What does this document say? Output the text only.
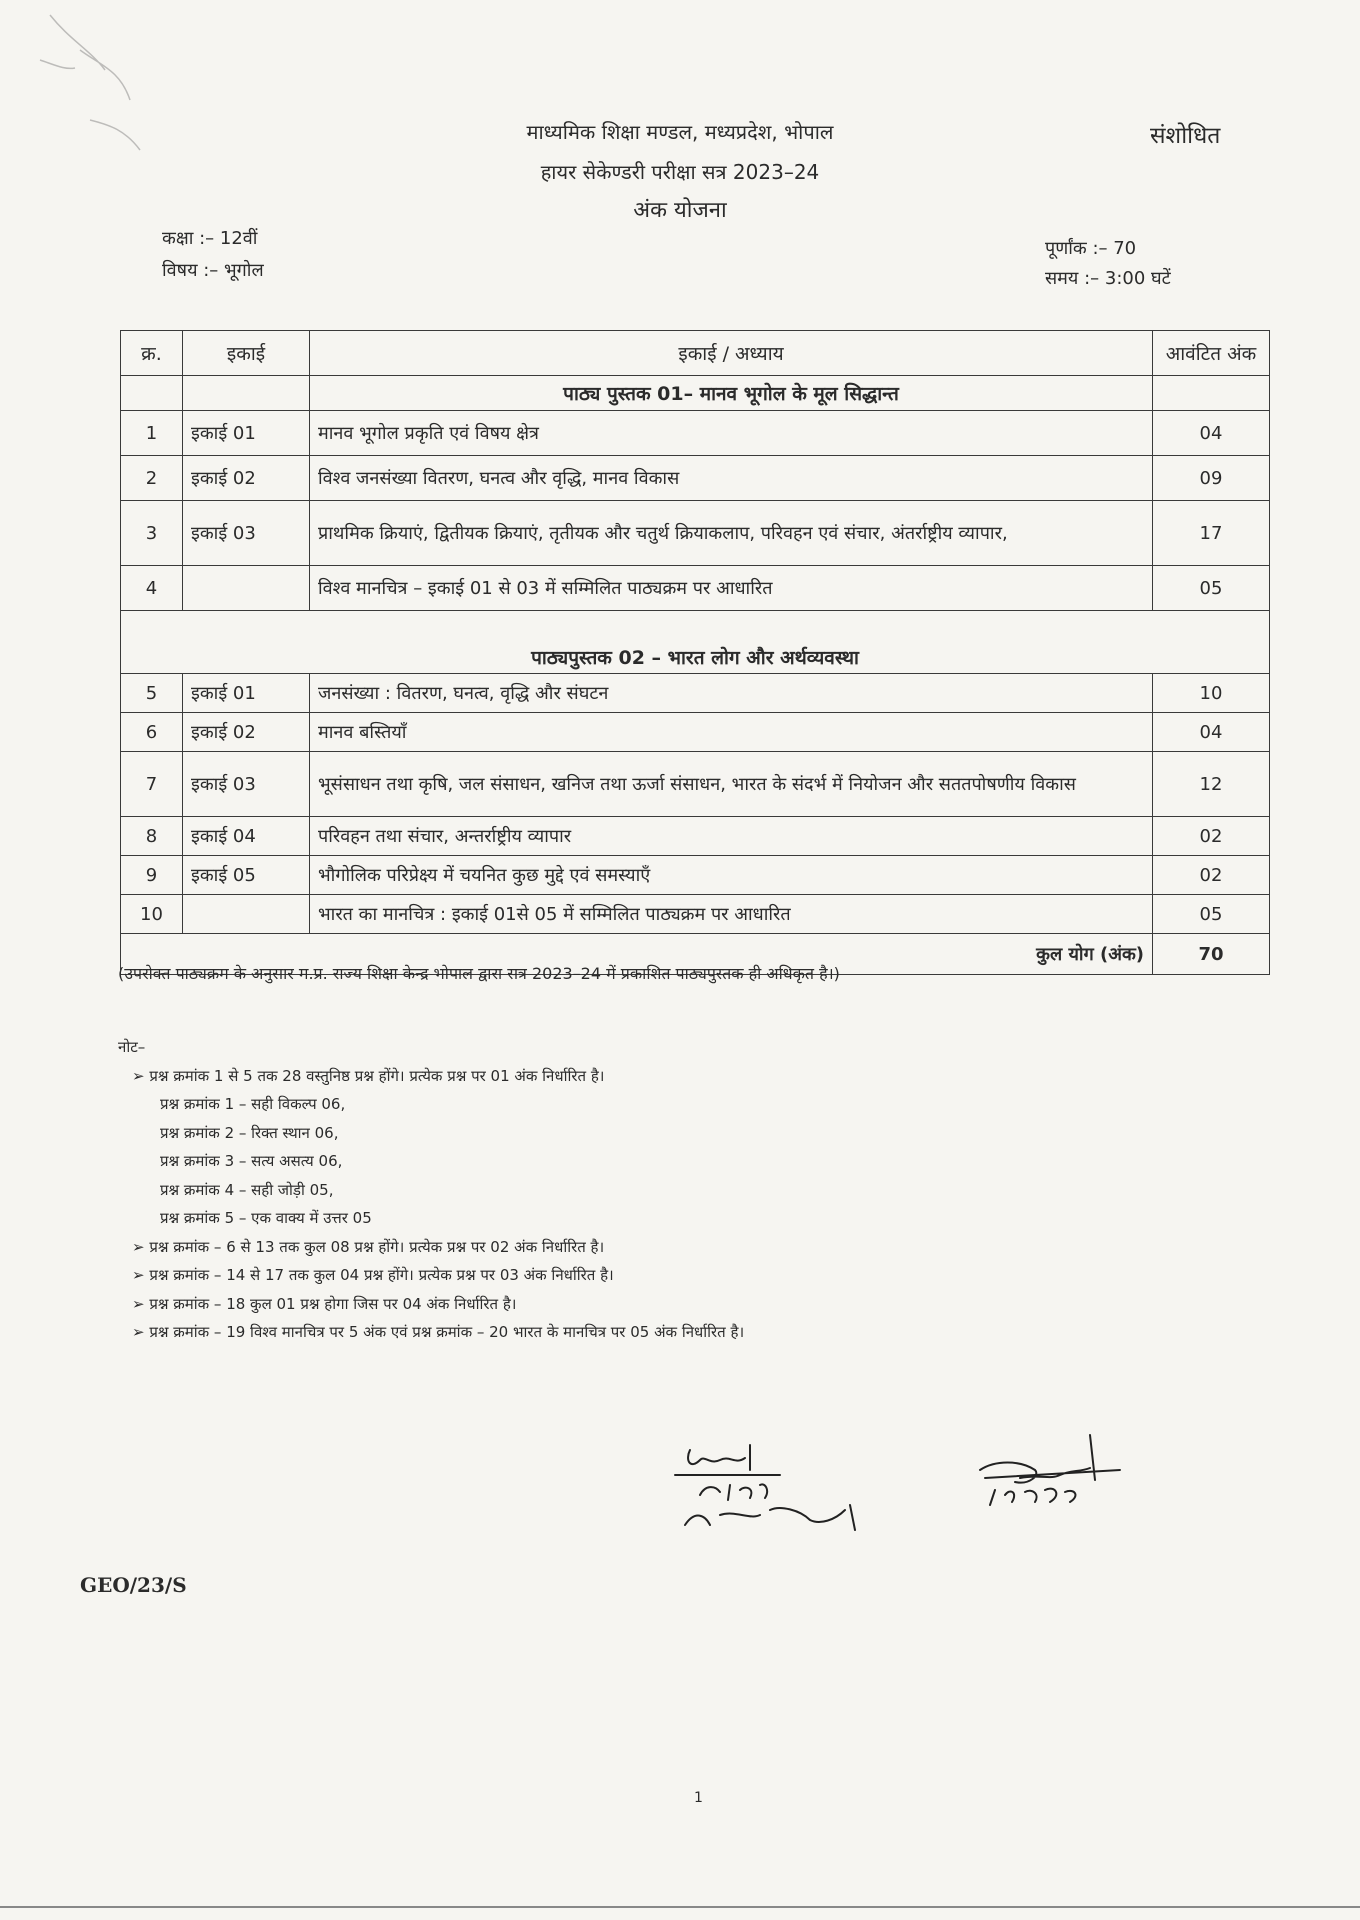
माध्यमिक शिक्षा मण्डल, मध्यप्रदेश, भोपाल
हायर सेकेण्डरी परीक्षा सत्र 2023–24
अंक योजना
संशोधित
कक्षा :– 12वीं
विषय :– भूगोल
पूर्णांक :– 70
समय :– 3:00 घटें
क्र.	इकाई	इकाई / अध्याय	आवंटित अंक
		पाठ्य पुस्तक 01– मानव भूगोल के मूल सिद्धान्त	
1	इकाई 01	मानव भूगोल प्रकृति एवं विषय क्षेत्र	04
2	इकाई 02	विश्व जनसंख्या वितरण, घनत्व और वृद्धि, मानव विकास	09
3	इकाई 03	प्राथमिक क्रियाएं, द्वितीयक क्रियाएं, तृतीयक और चतुर्थ क्रियाकलाप, परिवहन एवं संचार, अंतर्राष्ट्रीय व्यापार,	17
4		विश्व मानचित्र – इकाई 01 से 03 में सम्मिलित पाठ्यक्रम पर आधारित	05
पाठ्यपुस्तक 02 – भारत लोग और अर्थव्यवस्था			
5	इकाई 01	जनसंख्या : वितरण, घनत्व, वृद्धि और संघटन	10
6	इकाई 02	मानव बस्तियाँ	04
7	इकाई 03	भूसंसाधन तथा कृषि, जल संसाधन, खनिज तथा ऊर्जा संसाधन, भारत के संदर्भ में नियोजन और सततपोषणीय विकास	12
8	इकाई 04	परिवहन तथा संचार, अन्तर्राष्ट्रीय व्यापार	02
9	इकाई 05	भौगोलिक परिप्रेक्ष्य में चयनित कुछ मुद्दे एवं समस्याएँ	02
10		भारत का मानचित्र : इकाई 01से 05 में सम्मिलित पाठ्यक्रम पर आधारित	05
कुल योग (अंक)			70
(उपरोक्त पाठ्यक्रम के अनुसार म.प्र. राज्य शिक्षा केन्द्र भोपाल द्वारा सत्र 2023–24 में प्रकाशित पाठ्यपुस्तक ही अधिकृत है।)
नोट–
➢ प्रश्न क्रमांक 1 से 5 तक 28 वस्तुनिष्ठ प्रश्न होंगे। प्रत्येक प्रश्न पर 01 अंक निर्धारित है।
प्रश्न क्रमांक 1 – सही विकल्प 06,
प्रश्न क्रमांक 2 – रिक्त स्थान 06,
प्रश्न क्रमांक 3 – सत्य असत्य 06,
प्रश्न क्रमांक 4 – सही जोड़ी 05,
प्रश्न क्रमांक 5 – एक वाक्य में उत्तर 05
➢ प्रश्न क्रमांक – 6 से 13 तक कुल 08 प्रश्न होंगे। प्रत्येक प्रश्न पर 02 अंक निर्धारित है।
➢ प्रश्न क्रमांक – 14 से 17 तक कुल 04 प्रश्न होंगे। प्रत्येक प्रश्न पर 03 अंक निर्धारित है।
➢ प्रश्न क्रमांक – 18 कुल 01 प्रश्न होगा जिस पर 04 अंक निर्धारित है।
➢ प्रश्न क्रमांक – 19 विश्व मानचित्र पर 5 अंक एवं प्रश्न क्रमांक – 20 भारत के मानचित्र पर 05 अंक निर्धारित है।
GEO/23/S
1
